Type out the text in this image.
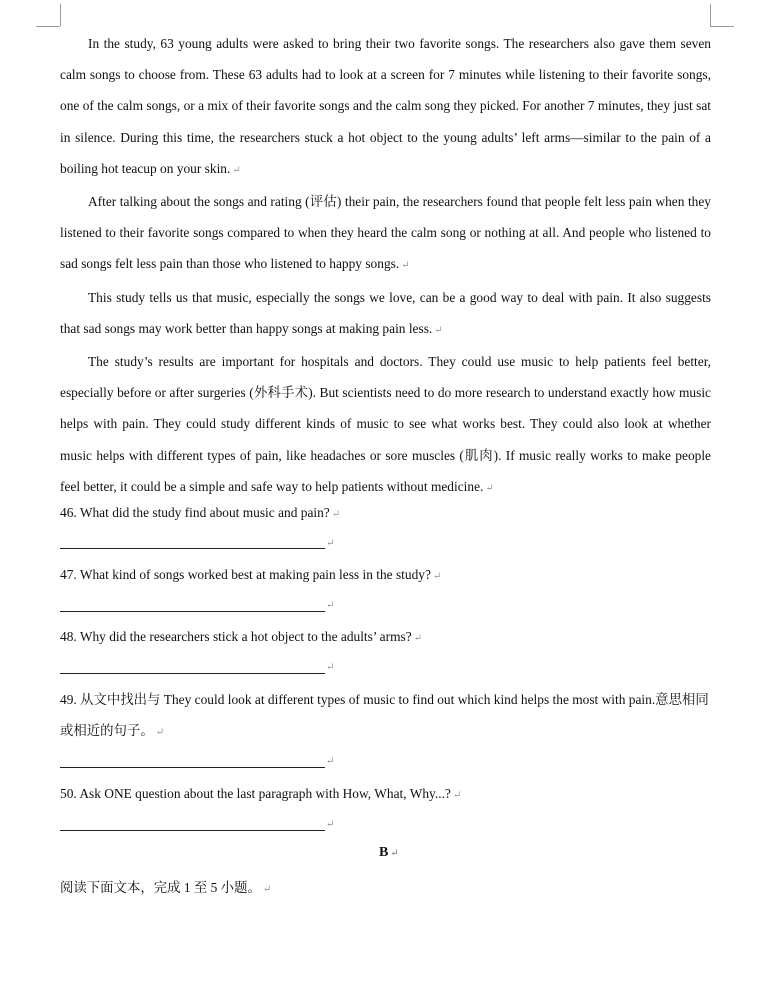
In the study, 63 young adults were asked to bring their two favorite songs. The researchers also gave them seven calm songs to choose from. These 63 adults had to look at a screen for 7 minutes while listening to their favorite songs, one of the calm songs, or a mix of their favorite songs and the calm song they picked. For another 7 minutes, they just sat in silence. During this time, the researchers stuck a hot object to the young adults’ left arms—similar to the pain of a boiling hot teacup on your skin. ↵

After talking about the songs and rating (评估) their pain, the researchers found that people felt less pain when they listened to their favorite songs compared to when they heard the calm song or nothing at all. And people who listened to sad songs felt less pain than those who listened to happy songs. ↵

This study tells us that music, especially the songs we love, can be a good way to deal with pain. It also suggests that sad songs may work better than happy songs at making pain less. ↵

The study’s results are important for hospitals and doctors. They could use music to help patients feel better, especially before or after surgeries (外科手术). But scientists need to do more research to understand exactly how music helps with pain. They could study different kinds of music to see what works best. They could also look at whether music helps with different types of pain, like headaches or sore muscles (肌肉). If music really works to make people feel better, it could be a simple and safe way to help patients without medicine. ↵

46. What did the study find about music and pain? ↵
↵
47. What kind of songs worked best at making pain less in the study? ↵
↵
48. Why did the researchers stick a hot object to the adults’ arms? ↵
↵
49. 从文中找出与 They could look at different types of music to find out which kind helps the most with pain.意思相同或相近的句子。 ↵
↵
50. Ask ONE question about the last paragraph with How, What, Why...? ↵
↵
B ↵
阅读下面文本，完成 1 至 5 小题。 ↵
